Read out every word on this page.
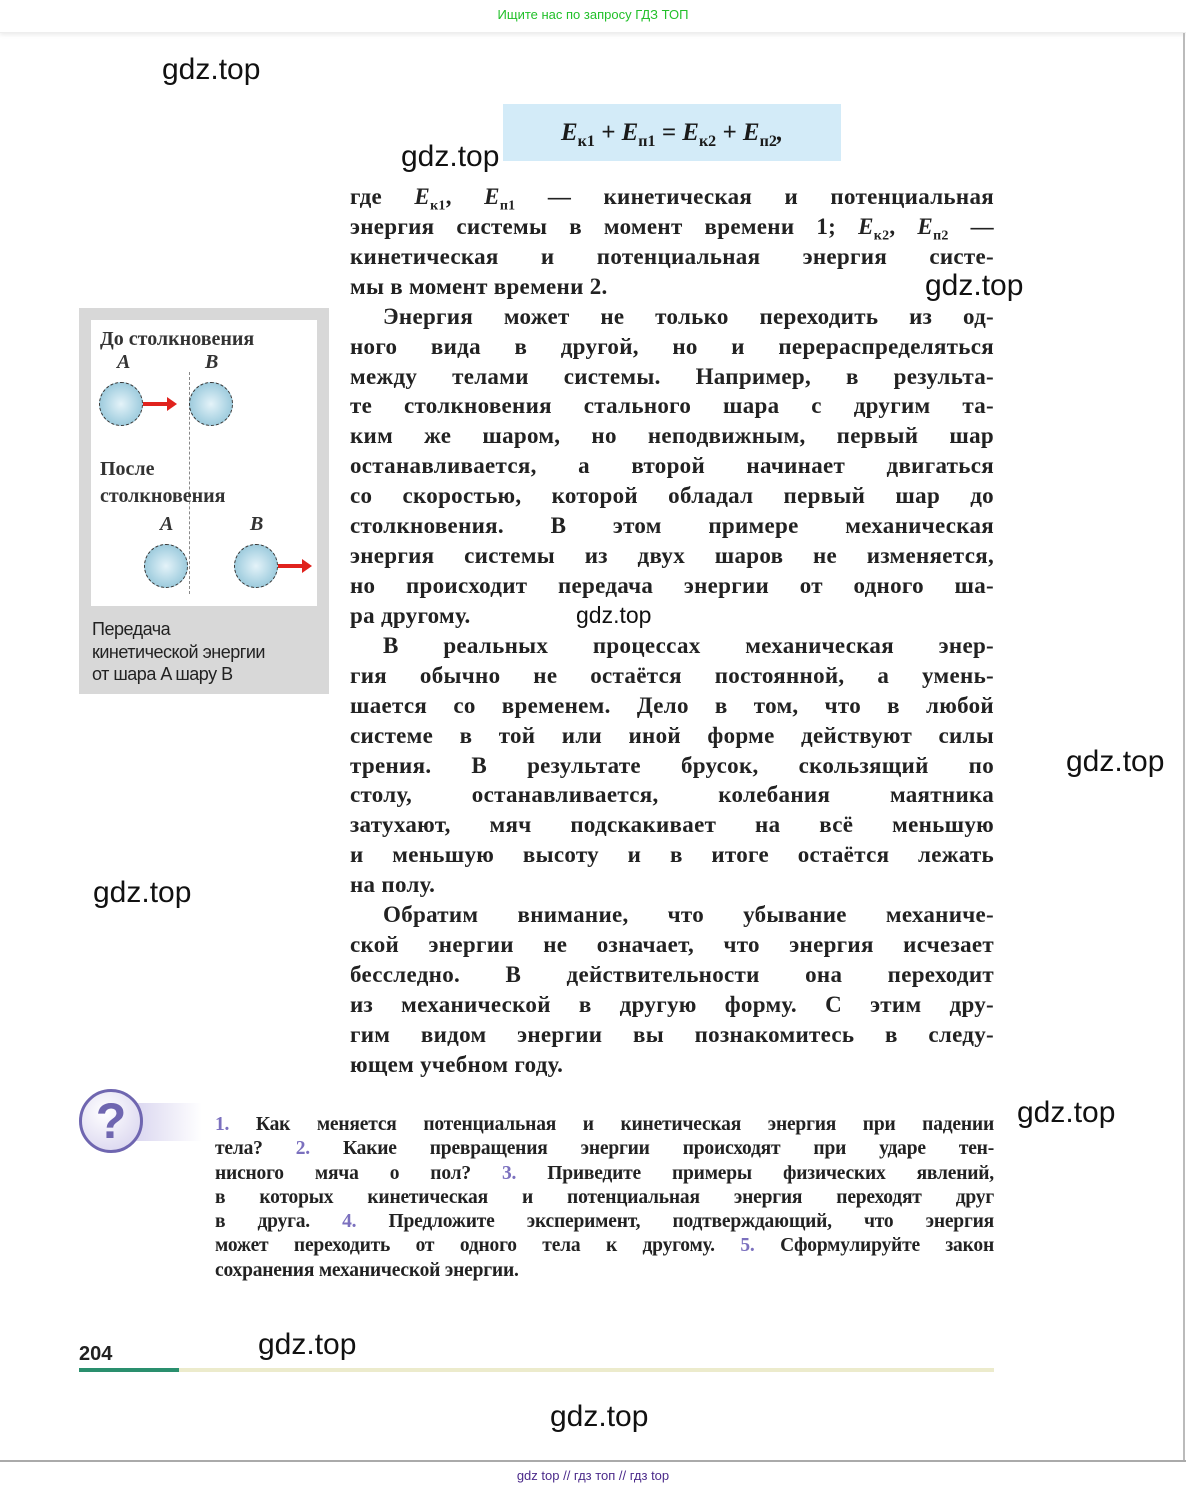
Ищите нас по запросу ГДЗ ТОП
gdz.top
gdz.top
gdz.top
gdz.top
gdz.top
gdz.top
gdz.top
gdz.top
gdz.top
$E_{к1} + E_{п1} = E_{к2} + E_{п2}$,
где $E_{к1}$, $E_{п1}$ — кинетическая и потенциальная
энергия системы в момент времени 1; $E_{к2}$, $E_{п2}$ —
кинетическая и потенциальная энергия систе-
мы в момент времени 2.
Энергия может не только переходить из од-
ного вида в другой, но и перераспределяться
между телами системы. Например, в результа-
те столкновения стального шара с другим та-
ким же шаром, но неподвижным, первый шар
останавливается, а второй начинает двигаться
со скоростью, которой обладал первый шар до
столкновения. В этом примере механическая
энергия системы из двух шаров не изменяется,
но происходит передача энергии от одного ша-
ра другому.
В реальных процессах механическая энер-
гия обычно не остаётся постоянной, а умень-
шается со временем. Дело в том, что в любой
системе в той или иной форме действуют силы
трения. В результате брусок, скользящий по
столу, останавливается, колебания маятника
затухают, мяч подскакивает на всё меньшую
и меньшую высоту и в итоге остаётся лежать
на полу.
Обратим внимание, что убывание механиче-
ской энергии не означает, что энергия исчезает
бесследно. В действительности она переходит
из механической в другую форму. С этим дру-
гим видом энергии вы познакомитесь в следу-
ющем учебном году.
До столкновения
A	B
После
столкновения
A	B
Передача
кинетической энергии
от шара A шару B
?	1. Как меняется потенциальная и кинетическая энергия при падении
тела? 2. Какие превращения энергии происходят при ударе тен-
нисного мяча о пол? 3. Приведите примеры физических явлений,
в которых кинетическая и потенциальная энергия переходят друг
в друга. 4. Предложите эксперимент, подтверждающий, что энергия
может переходить от одного тела к другому. 5. Сформулируйте закон
сохранения механической энергии.
204
gdz top // гдз топ // гдз top
